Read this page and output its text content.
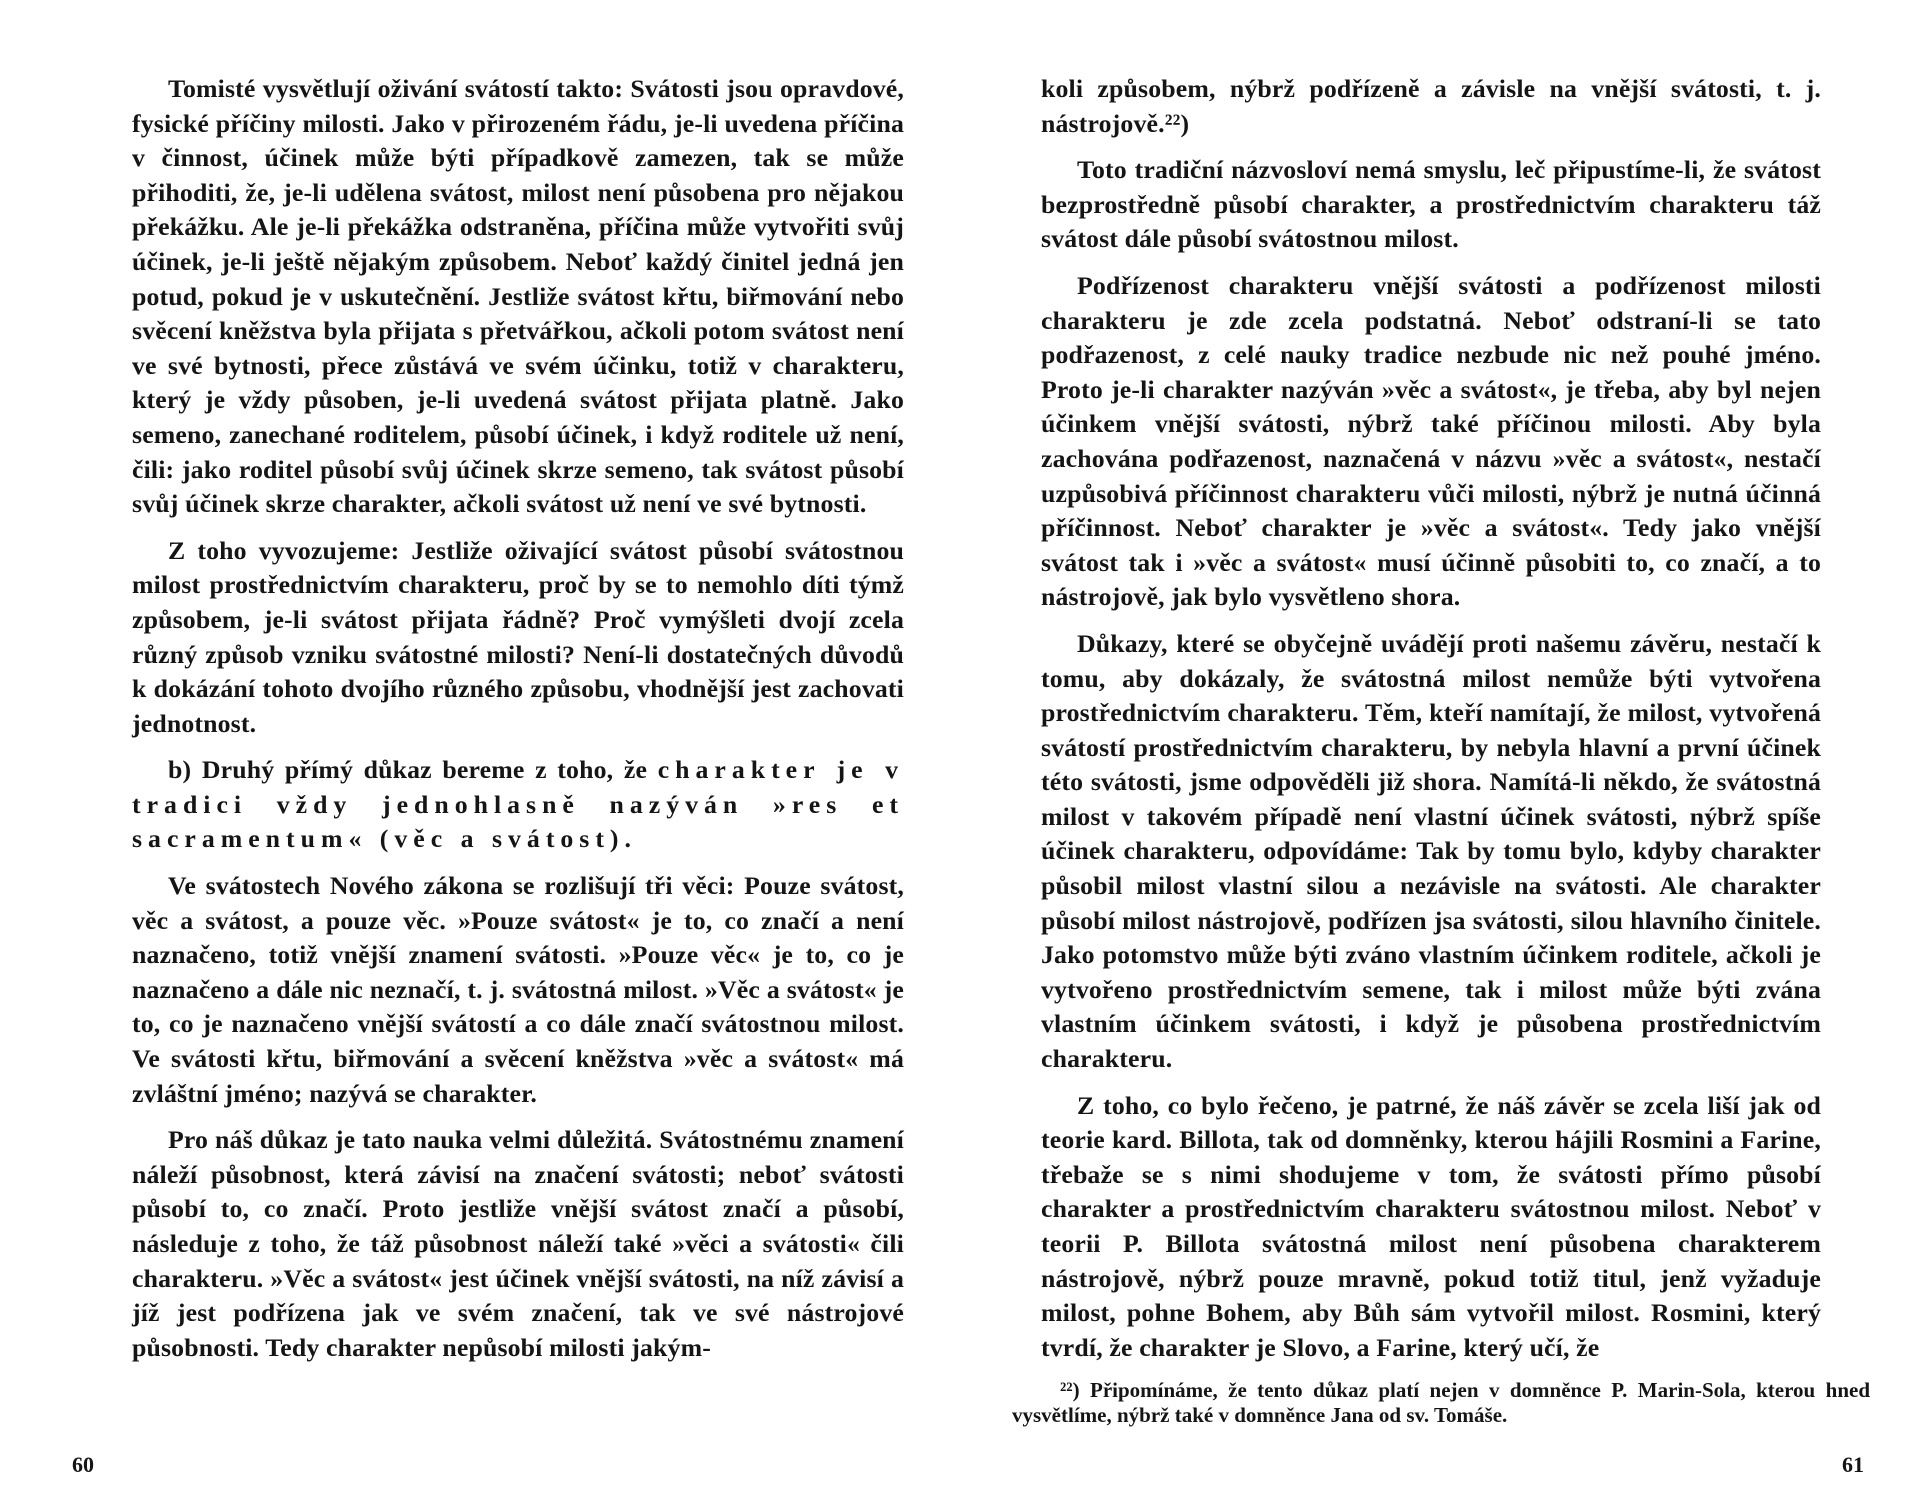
Tomisté vysvětlují oživání svátostí takto: Svátosti jsou opravdové, fysické příčiny milosti. Jako v přirozeném řádu, je-li uvedena příčina v činnost, účinek může býti případkově zamezen, tak se může přihoditi, že, je-li udělena svátost, milost není působena pro nějakou překážku. Ale je-li překážka odstraněna, příčina může vytvořiti svůj účinek, je-li ještě nějakým způsobem. Neboť každý činitel jedná jen potud, pokud je v uskutečnění. Jestliže svátost křtu, biřmování nebo svěcení kněžstva byla přijata s přetvářkou, ačkoli potom svátost není ve své bytnosti, přece zůstává ve svém účinku, totiž v charakteru, který je vždy působen, je-li uvedená svátost přijata platně. Jako semeno, zanechané roditelem, působí účinek, i když roditele už není, čili: jako roditel působí svůj účinek skrze semeno, tak svátost působí svůj účinek skrze charakter, ačkoli svátost už není ve své bytnosti.

Z toho vyvozujeme: Jestliže oživající svátost působí svátostnou milost prostřednictvím charakteru, proč by se to nemohlo díti týmž způsobem, je-li svátost přijata řádně? Proč vymýšleti dvojí zcela různý způsob vzniku svátostné milosti? Není-li dostatečných důvodů k dokázání tohoto dvojího různého způsobu, vhodnější jest zachovati jednotnost.

b) Druhý přímý důkaz bereme z toho, že charakter je v tradici vždy jednohlasně nazýván »res et sacramentum« (věc a svátost).

Ve svátostech Nového zákona se rozlišují tři věci: Pouze svátost, věc a svátost, a pouze věc. »Pouze svátost« je to, co značí a není naznačeno, totiž vnější znamení svátosti. »Pouze věc« je to, co je naznačeno a dále nic neznačí, t. j. svátostná milost. »Věc a svátost« je to, co je naznačeno vnější svátostí a co dále značí svátostnou milost. Ve svátosti křtu, biřmování a svěcení kněžstva »věc a svátost« má zvláštní jméno; nazývá se charakter.

Pro náš důkaz je tato nauka velmi důležitá. Svátostnému znamení náleží působnost, která závisí na značení svátosti; neboť svátosti působí to, co značí. Proto jestliže vnější svátost značí a působí, následuje z toho, že táž působnost náleží také »věci a svátosti« čili charakteru. »Věc a svátost« jest účinek vnější svátosti, na níž závisí a jíž jest podřízena jak ve svém značení, tak ve své nástrojové působnosti. Tedy charakter nepůsobí milosti jakým-

60

koli způsobem, nýbrž podřízeně a závisle na vnější svátosti, t. j. nástrojově.²²)

Toto tradiční názvosloví nemá smyslu, leč připustíme-li, že svátost bezprostředně působí charakter, a prostřednictvím charakteru táž svátost dále působí svátostnou milost.

Podřízenost charakteru vnější svátosti a podřízenost milosti charakteru je zde zcela podstatná. Neboť odstraní-li se tato podřazenost, z celé nauky tradice nezbude nic než pouhé jméno. Proto je-li charakter nazýván »věc a svátost«, je třeba, aby byl nejen účinkem vnější svátosti, nýbrž také příčinou milosti. Aby byla zachována podřazenost, naznačená v názvu »věc a svátost«, nestačí uzpůsobivá příčinnost charakteru vůči milosti, nýbrž je nutná účinná příčinnost. Neboť charakter je »věc a svátost«. Tedy jako vnější svátost tak i »věc a svátost« musí účinně působiti to, co značí, a to nástrojově, jak bylo vysvětleno shora.

Důkazy, které se obyčejně uvádějí proti našemu závěru, nestačí k tomu, aby dokázaly, že svátostná milost nemůže býti vytvořena prostřednictvím charakteru. Těm, kteří namítají, že milost, vytvořená svátostí prostřednictvím charakteru, by nebyla hlavní a první účinek této svátosti, jsme odpověděli již shora. Namítá-li někdo, že svátostná milost v takovém případě není vlastní účinek svátosti, nýbrž spíše účinek charakteru, odpovídáme: Tak by tomu bylo, kdyby charakter působil milost vlastní silou a nezávisle na svátosti. Ale charakter působí milost nástrojově, podřízen jsa svátosti, silou hlavního činitele. Jako potomstvo může býti zváno vlastním účinkem roditele, ačkoli je vytvořeno prostřednictvím semene, tak i milost může býti zvána vlastním účinkem svátosti, i když je působena prostřednictvím charakteru.

Z toho, co bylo řečeno, je patrné, že náš závěr se zcela liší jak od teorie kard. Billota, tak od domněnky, kterou hájili Rosmini a Farine, třebaže se s nimi shodujeme v tom, že svátosti přímo působí charakter a prostřednictvím charakteru svátostnou milost. Neboť v teorii P. Billota svátostná milost není působena charakterem nástrojově, nýbrž pouze mravně, pokud totiž titul, jenž vyžaduje milost, pohne Bohem, aby Bůh sám vytvořil milost. Rosmini, který tvrdí, že charakter je Slovo, a Farine, který učí, že

²²) Připomínáme, že tento důkaz platí nejen v domněnce P. Marin-Sola, kterou hned vysvětlíme, nýbrž také v domněnce Jana od sv. Tomáše.
61
